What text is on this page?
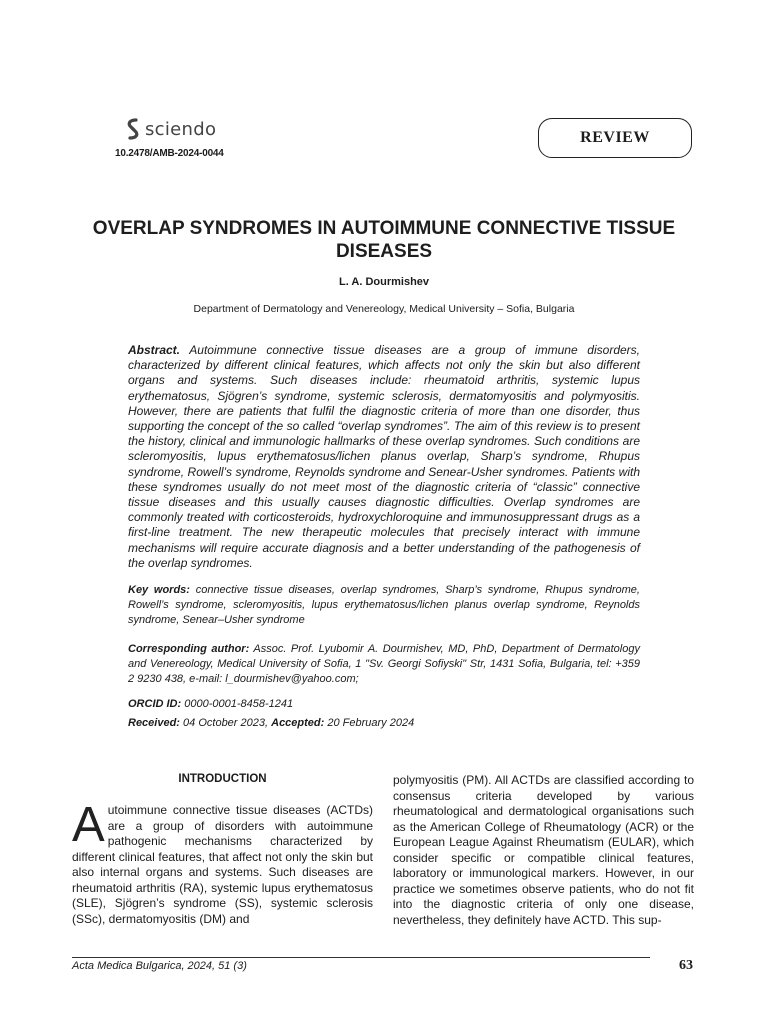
sciendo
10.2478/AMB-2024-0044
REVIEW
OVERLAP SYNDROMES IN AUTOIMMUNE CONNECTIVE TISSUE DISEASES
L. A. Dourmishev
Department of Dermatology and Venereology, Medical University – Sofia, Bulgaria

Abstract. Autoimmune connective tissue diseases are a group of immune disorders, characterized by different clinical features, which affects not only the skin but also different organs and systems. Such diseases include: rheumatoid arthritis, systemic lupus erythematosus, Sjögren’s syndrome, systemic sclerosis, dermatomyositis and polymyositis. However, there are patients that fulfil the diagnostic criteria of more than one disorder, thus supporting the concept of the so called “overlap syndromes”. The aim of this review is to present the history, clinical and immunologic hallmarks of these overlap syndromes. Such conditions are scleromyositis, lupus erythematosus/lichen planus overlap, Sharp’s syndrome, Rhupus syndrome, Rowell’s syndrome, Reynolds syndrome and Senear-Usher syndromes. Patients with these syndromes usually do not meet most of the diagnostic criteria of “classic” connective tissue diseases and this usually causes diagnostic difficulties. Overlap syndromes are commonly treated with corticosteroids, hydroxychloroquine and immunosuppressant drugs as a first-line treatment. The new therapeutic molecules that precisely interact with immune mechanisms will require accurate diagnosis and a better understanding of the pathogenesis of the overlap syndromes.

Key words: connective tissue diseases, overlap syndromes, Sharp’s syndrome, Rhupus syndrome, Rowell’s syndrome, scleromyositis, lupus erythematosus/lichen planus overlap syndrome, Reynolds syndrome, Senear–Usher syndrome

Corresponding author: Assoc. Prof. Lyubomir A. Dourmishev, MD, PhD, Department of Dermatology and Venereology, Medical University of Sofia, 1 "Sv. Georgi Sofiyski" Str, 1431 Sofia, Bulgaria, tel: +359 2 9230 438, e-mail: l_dourmishev@yahoo.com;

ORCID ID: 0000-0001-8458-1241

Received: 04 October 2023, Accepted: 20 February 2024

INTRODUCTION

Autoimmune connective tissue diseases (ACTDs) are a group of disorders with autoimmune pathogenic mechanisms characterized by different clinical features, that affect not only the skin but also internal organs and systems. Such diseases are rheumatoid arthritis (RA), systemic lupus erythematosus (SLE), Sjögren’s syndrome (SS), systemic sclerosis (SSc), dermatomyositis (DM) and

polymyositis (PM). All ACTDs are classified according to consensus criteria developed by various rheumatological and dermatological organisations such as the American College of Rheumatology (ACR) or the European League Against Rheumatism (EULAR), which consider specific or compatible clinical features, laboratory or immunological markers. However, in our practice we sometimes observe patients, who do not fit into the diagnostic criteria of only one disease, nevertheless, they definitely have ACTD. This sup-

Acta Medica Bulgarica, 2024, 51 (3)	63
